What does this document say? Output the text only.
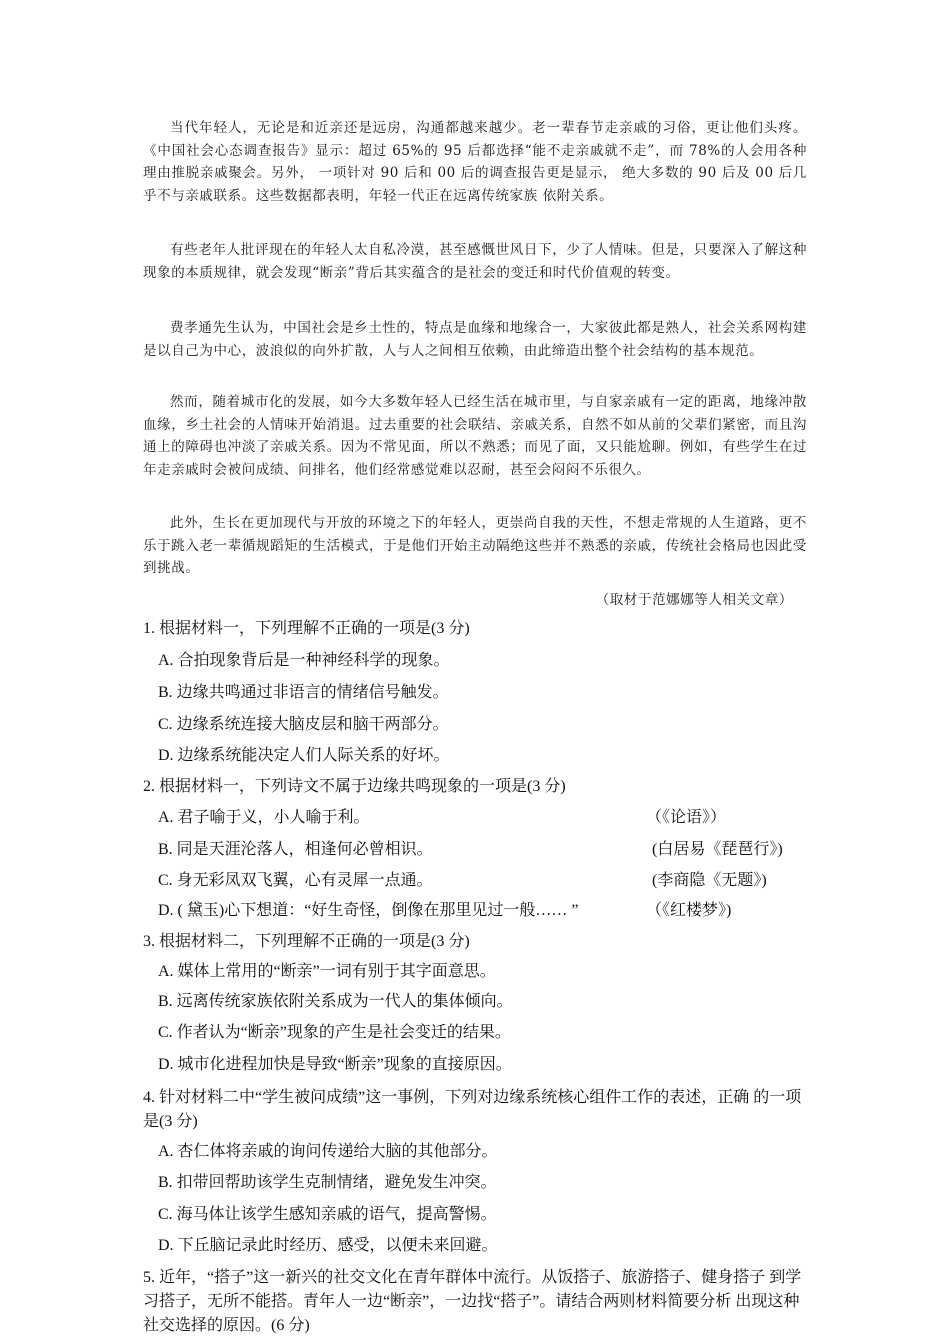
当代年轻人，无论是和近亲还是远房，沟通都越来越少。老一辈春节走亲戚的习俗，更让他们头疼。《中国社会心态调查报告》显示：超过 65%的 95 后都选择“能不走亲戚就不走”，而 78%的人会用各种理由推脱亲戚聚会。另外， 一项针对 90 后和 00 后的调查报告更是显示， 绝大多数的 90 后及 00 后几乎不与亲戚联系。这些数据都表明，年轻一代正在远离传统家族 依附关系。

有些老年人批评现在的年轻人太自私冷漠，甚至感慨世风日下，少了人情味。但是，只要深入了解这种现象的本质规律，就会发现“断亲”背后其实蕴含的是社会的变迁和时代价值观的转变。

费孝通先生认为，中国社会是乡土性的，特点是血缘和地缘合一，大家彼此都是熟人，社会关系网构建是以自己为中心，波浪似的向外扩散，人与人之间相互依赖，由此缔造出整个社会结构的基本规范。

然而，随着城市化的发展，如今大多数年轻人已经生活在城市里，与自家亲戚有一定的距离，地缘冲散血缘，乡土社会的人情味开始消退。过去重要的社会联结、亲戚关系，自然不如从前的父辈们紧密，而且沟通上的障碍也冲淡了亲戚关系。因为不常见面，所以不熟悉；而见了面，又只能尬聊。例如，有些学生在过年走亲戚时会被问成绩、问排名，他们经常感觉难以忍耐，甚至会闷闷不乐很久。

此外，生长在更加现代与开放的环境之下的年轻人，更崇尚自我的天性，不想走常规的人生道路，更不乐于跳入老一辈循规蹈矩的生活模式，于是他们开始主动隔绝这些并不熟悉的亲戚，传统社会格局也因此受到挑战。

（取材于范娜娜等人相关文章）
1. 根据材料一，下列理解不正确的一项是(3 分)
A. 合拍现象背后是一种神经科学的现象。
B. 边缘共鸣通过非语言的情绪信号触发。
C. 边缘系统连接大脑皮层和脑干两部分。
D. 边缘系统能决定人们人际关系的好坏。
2. 根据材料一，下列诗文不属于边缘共鸣现象的一项是(3 分)
A. 君子喻于义，小人喻于利。	（《论语》）
B. 同是天涯沦落人，相逢何必曾相识。	(白居易《琵琶行》)
C. 身无彩凤双飞翼，心有灵犀一点通。	(李商隐《无题》)
D. ( 黛玉)心下想道：“好生奇怪，倒像在那里见过一般…… ”	（《红楼梦》)
3. 根据材料二，下列理解不正确的一项是(3 分)
A. 媒体上常用的“断亲”一词有别于其字面意思。
B. 远离传统家族依附关系成为一代人的集体倾向。
C. 作者认为“断亲”现象的产生是社会变迁的结果。
D. 城市化进程加快是导致“断亲”现象的直接原因。
4. 针对材料二中“学生被问成绩”这一事例，下列对边缘系统核心组件工作的表述，正确 的一项是(3 分)
A. 杏仁体将亲戚的询问传递给大脑的其他部分。
B. 扣带回帮助该学生克制情绪，避免发生冲突。
C. 海马体让该学生感知亲戚的语气，提高警惕。
D. 下丘脑记录此时经历、感受，以便未来回避。
5. 近年，“搭子”这一新兴的社交文化在青年群体中流行。从饭搭子、旅游搭子、健身搭子 到学习搭子，无所不能搭。青年人一边“断亲”，一边找“搭子”。请结合两则材料简要分析 出现这种社交选择的原因。(6 分)
